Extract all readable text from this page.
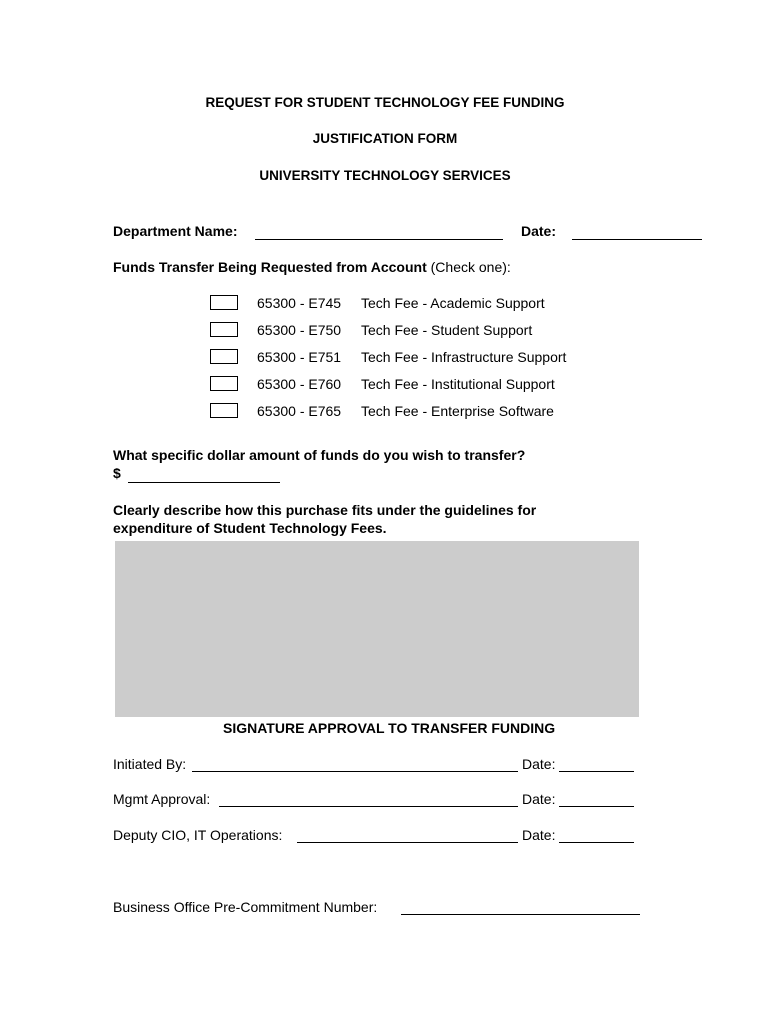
REQUEST FOR STUDENT TECHNOLOGY FEE FUNDING
JUSTIFICATION FORM
UNIVERSITY TECHNOLOGY SERVICES
Department Name:	Date:
Funds Transfer Being Requested from Account (Check one):
65300 - E745 Tech Fee - Academic Support
65300 - E750 Tech Fee - Student Support
65300 - E751 Tech Fee - Infrastructure Support
65300 - E760 Tech Fee - Institutional Support
65300 - E765 Tech Fee - Enterprise Software
What specific dollar amount of funds do you wish to transfer?
$
Clearly describe how this purchase fits under the guidelines for
expenditure of Student Technology Fees.
SIGNATURE APPROVAL TO TRANSFER FUNDING
Initiated By:	Date:
Mgmt Approval:	Date:
Deputy CIO, IT Operations:	Date:
Business Office Pre-Commitment Number:
